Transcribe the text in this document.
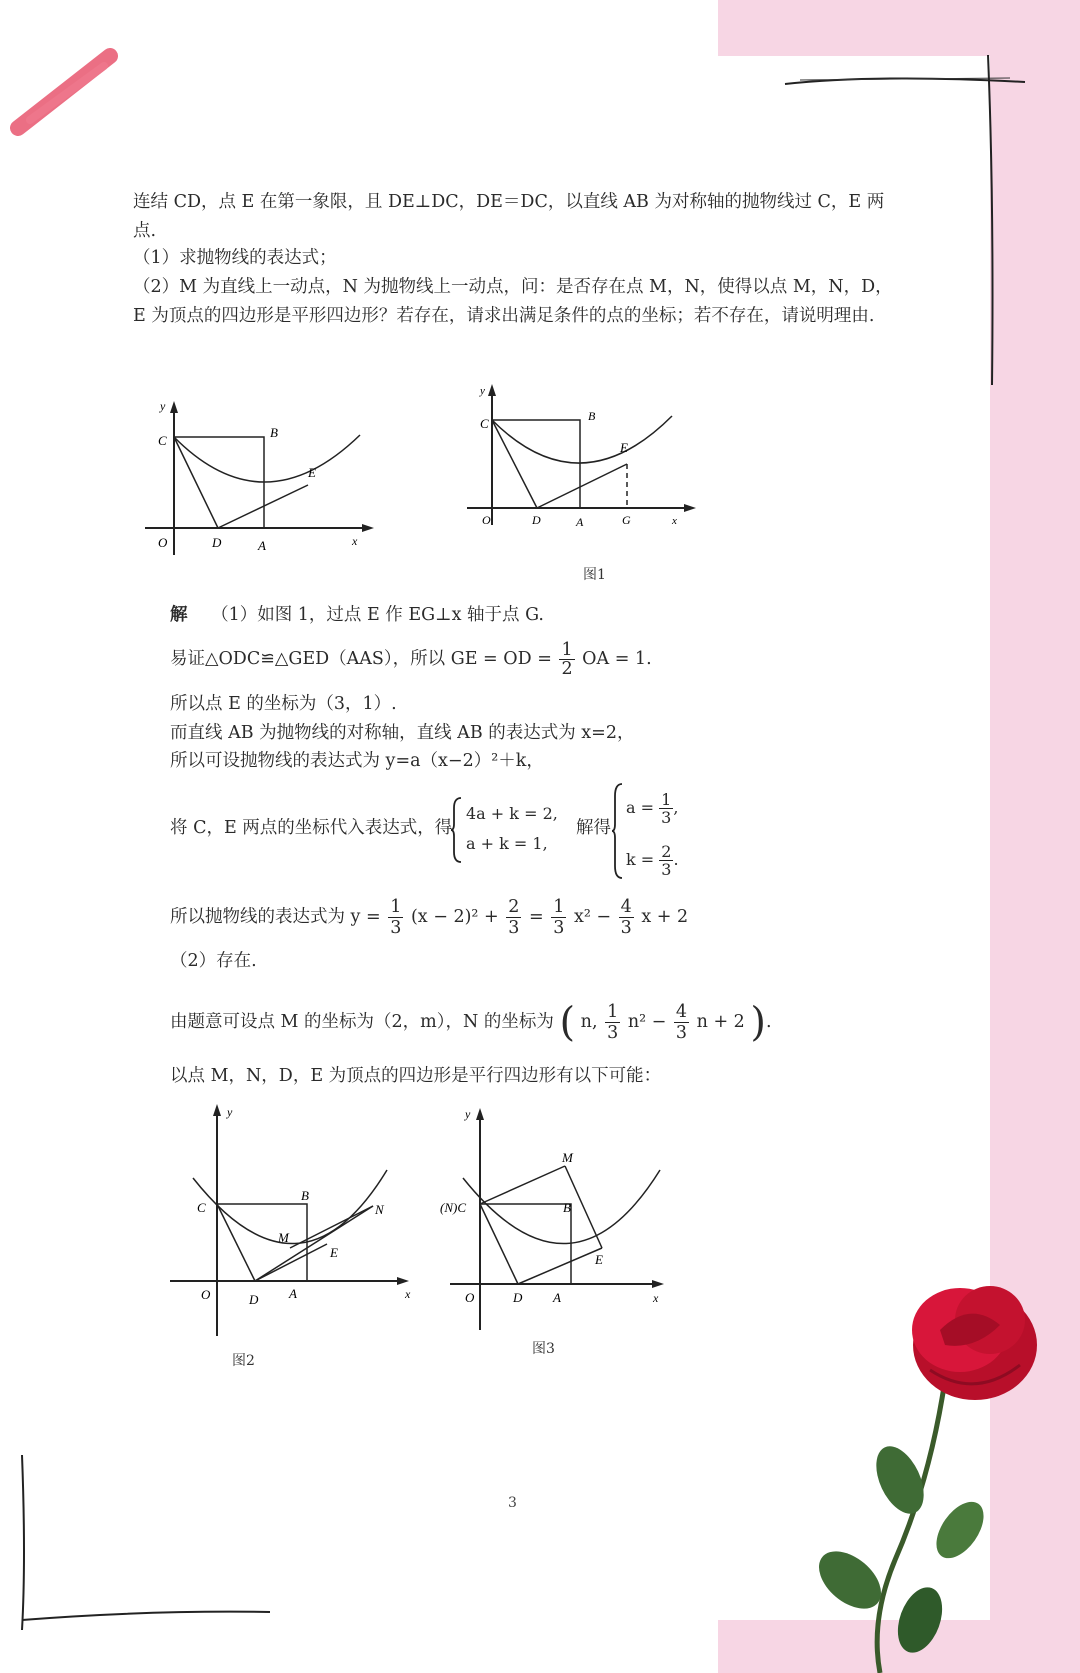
连结 CD，点 E 在第一象限，且 DE⊥DC，DE＝DC，以直线 AB 为对称轴的抛物线过 C，E 两点.
（1）求抛物线的表达式；
（2）M 为直线上一动点，N 为抛物线上一动点，问：是否存在点 M，N，使得以点 M，N，D，E 为顶点的四边形是平形四边形？若存在，请求出满足条件的点的坐标；若不存在，请说明理由.
y
C
B
E
O	D	A	x
y
C	B
E
O	D	A	G	x
图1
解 （1）如图 1，过点 E 作 EG⊥x 轴于点 G.
易证△ODC≌△GED（AAS），所以 GE = OD = $\frac{1}{2}$ OA = 1.
所以点 E 的坐标为（3，1）.
而直线 AB 为抛物线的对称轴，直线 AB 的表达式为 x=2，
所以可设抛物线的表达式为 y=a（x−2）²＋k，
将 C，E 两点的坐标代入表达式，得
4a + k = 2,
a + k = 1,
解得
$a = \frac{1}{3}$ ,
$k = \frac{2}{3}$ .
所以抛物线的表达式为 $y = \frac{1}{3} (x - 2)^2 + \frac{2}{3} = \frac{1}{3} x^2 - \frac{4}{3}$ x + 2
（2）存在.
由题意可设点 M 的坐标为（2，m），N 的坐标为 ( n, $\frac{1}{3} n^2 - \frac{4}{3}$ n + 2 ).
以点 M，N，D，E 为顶点的四边形是平行四边形有以下可能：
y
C
B
N
M
E
O	D A	x
图2
y
M
(N)C	B
E
O	D A	x
图3
3
